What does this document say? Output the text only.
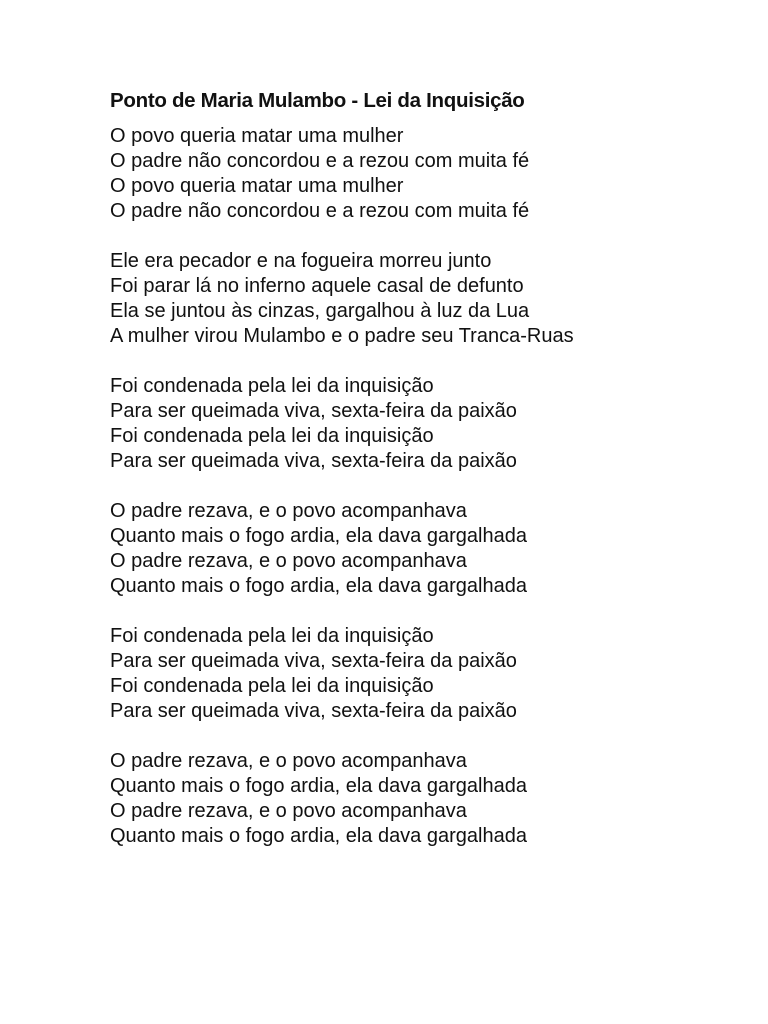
Ponto de Maria Mulambo - Lei da Inquisição
O povo queria matar uma mulher
O padre não concordou e a rezou com muita fé
O povo queria matar uma mulher
O padre não concordou e a rezou com muita fé
Ele era pecador e na fogueira morreu junto
Foi parar lá no inferno aquele casal de defunto
Ela se juntou às cinzas, gargalhou à luz da Lua
A mulher virou Mulambo e o padre seu Tranca-Ruas
Foi condenada pela lei da inquisição
Para ser queimada viva, sexta-feira da paixão
Foi condenada pela lei da inquisição
Para ser queimada viva, sexta-feira da paixão
O padre rezava, e o povo acompanhava
Quanto mais o fogo ardia, ela dava gargalhada
O padre rezava, e o povo acompanhava
Quanto mais o fogo ardia, ela dava gargalhada
Foi condenada pela lei da inquisição
Para ser queimada viva, sexta-feira da paixão
Foi condenada pela lei da inquisição
Para ser queimada viva, sexta-feira da paixão
O padre rezava, e o povo acompanhava
Quanto mais o fogo ardia, ela dava gargalhada
O padre rezava, e o povo acompanhava
Quanto mais o fogo ardia, ela dava gargalhada
